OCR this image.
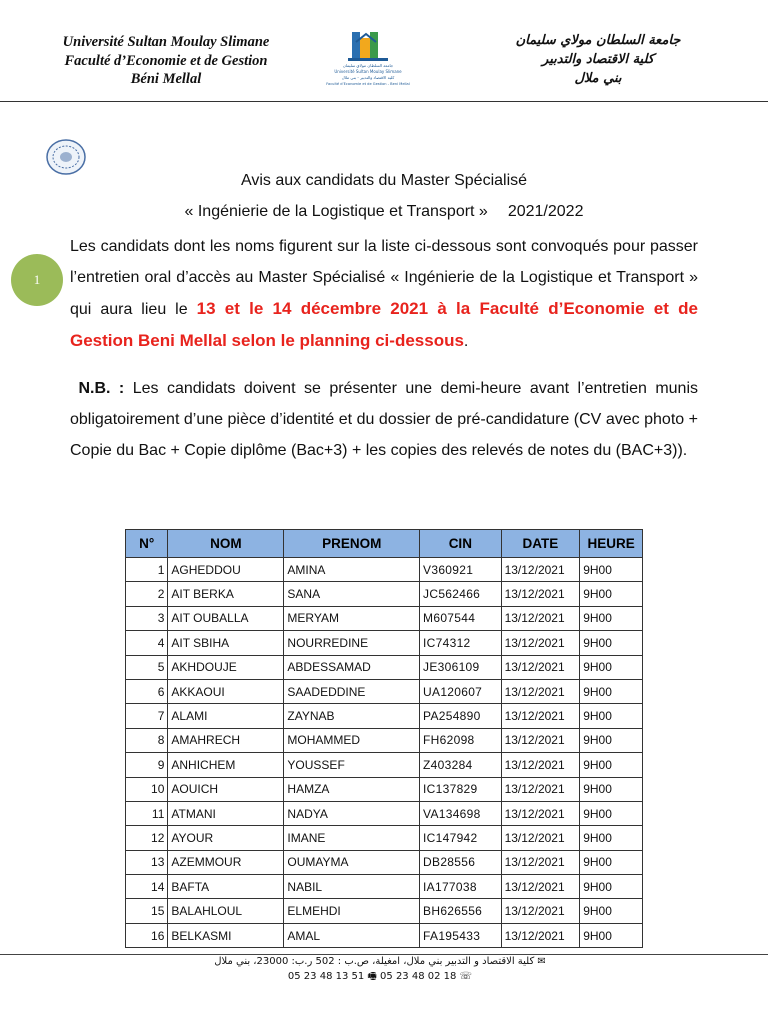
Université Sultan Moulay Slimane
Faculté d’Economie et de Gestion
Béni Mellal
جامعة السلطان مولاي سليمان
Université Sultan Moulay Slimane
كلية الاقتصاد والتدبير - بني ملال
Faculté d’Economie et de Gestion - Beni Mellal
جامعة السلطان مولاي سليمان
كلية الاقتصاد والتدبير
بني ملال
1
Avis aux candidats du Master Spécialisé
« Ingénierie de la Logistique et Transport » 2021/2022
Les candidats dont les noms figurent sur la liste ci-dessous sont convoqués pour passer l’entretien oral d’accès au Master Spécialisé « Ingénierie de la Logistique et Transport » qui aura lieu le 13 et le 14 décembre 2021 à la Faculté d’Economie et de Gestion Beni Mellal selon le planning ci-dessous.
N.B. : Les candidats doivent se présenter une demi-heure avant l’entretien munis obligatoirement d’une pièce d’identité et du dossier de pré-candidature (CV avec photo + Copie du Bac + Copie diplôme (Bac+3) + les copies des relevés de notes du (BAC+3)).
N°	NOM	PRENOM	CIN	DATE	HEURE
1	AGHEDDOU	AMINA	V360921	13/12/2021	9H00
2	AIT BERKA	SANA	JC562466	13/12/2021	9H00
3	AIT OUBALLA	MERYAM	M607544	13/12/2021	9H00
4	AIT SBIHA	NOURREDINE	IC74312	13/12/2021	9H00
5	AKHDOUJE	ABDESSAMAD	JE306109	13/12/2021	9H00
6	AKKAOUI	SAADEDDINE	UA120607	13/12/2021	9H00
7	ALAMI	ZAYNAB	PA254890	13/12/2021	9H00
8	AMAHRECH	MOHAMMED	FH62098	13/12/2021	9H00
9	ANHICHEM	YOUSSEF	Z403284	13/12/2021	9H00
10	AOUICH	HAMZA	IC137829	13/12/2021	9H00
11	ATMANI	NADYA	VA134698	13/12/2021	9H00
12	AYOUR	IMANE	IC147942	13/12/2021	9H00
13	AZEMMOUR	OUMAYMA	DB28556	13/12/2021	9H00
14	BAFTA	NABIL	IA177038	13/12/2021	9H00
15	BALAHLOUL	ELMEHDI	BH626556	13/12/2021	9H00
16	BELKASMI	AMAL	FA195433	13/12/2021	9H00
✉ كلية الاقتصاد و التدبير بني ملال، امغيلة، ص.ب : 502 ر.ب: 23000، بني ملال
05 23 48 13 51 🖷 05 23 48 02 18 ☏
